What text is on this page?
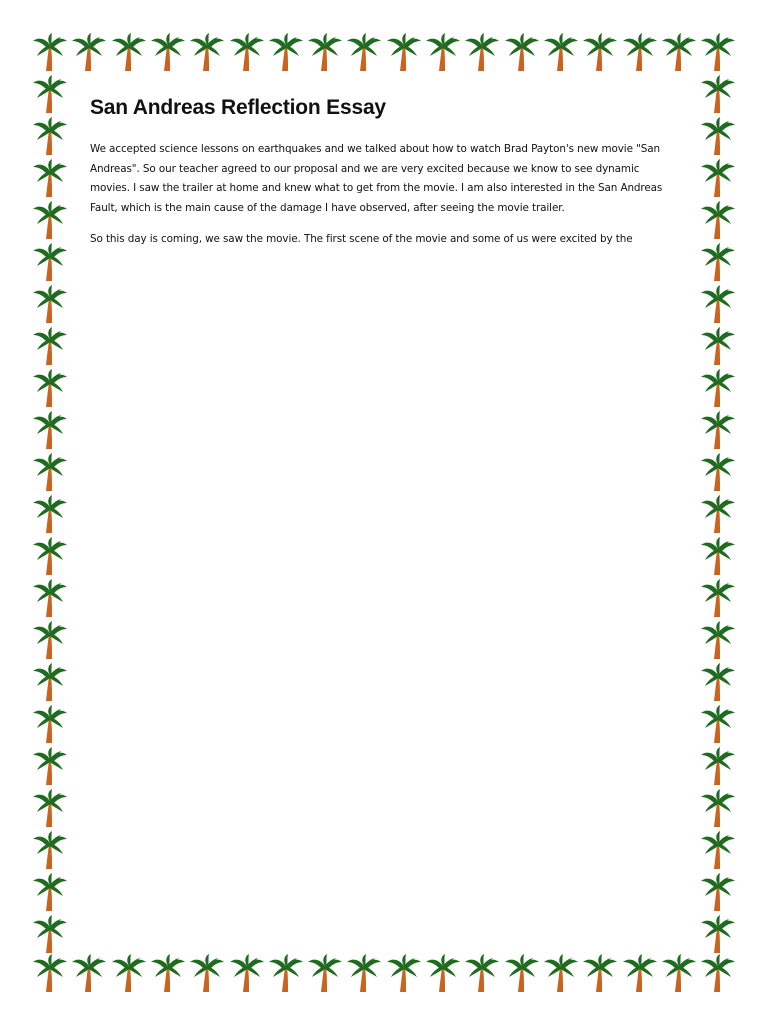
San Andreas Reflection Essay

We accepted science lessons on earthquakes and we talked about how to watch Brad Payton's new movie "San Andreas". So our teacher agreed to our proposal and we are very excited because we know to see dynamic movies. I saw the trailer at home and knew what to get from the movie. I am also interested in the San Andreas Fault, which is the main cause of the damage I have observed, after seeing the movie trailer.

So this day is coming, we saw the movie. The first scene of the movie and some of us were excited by the
